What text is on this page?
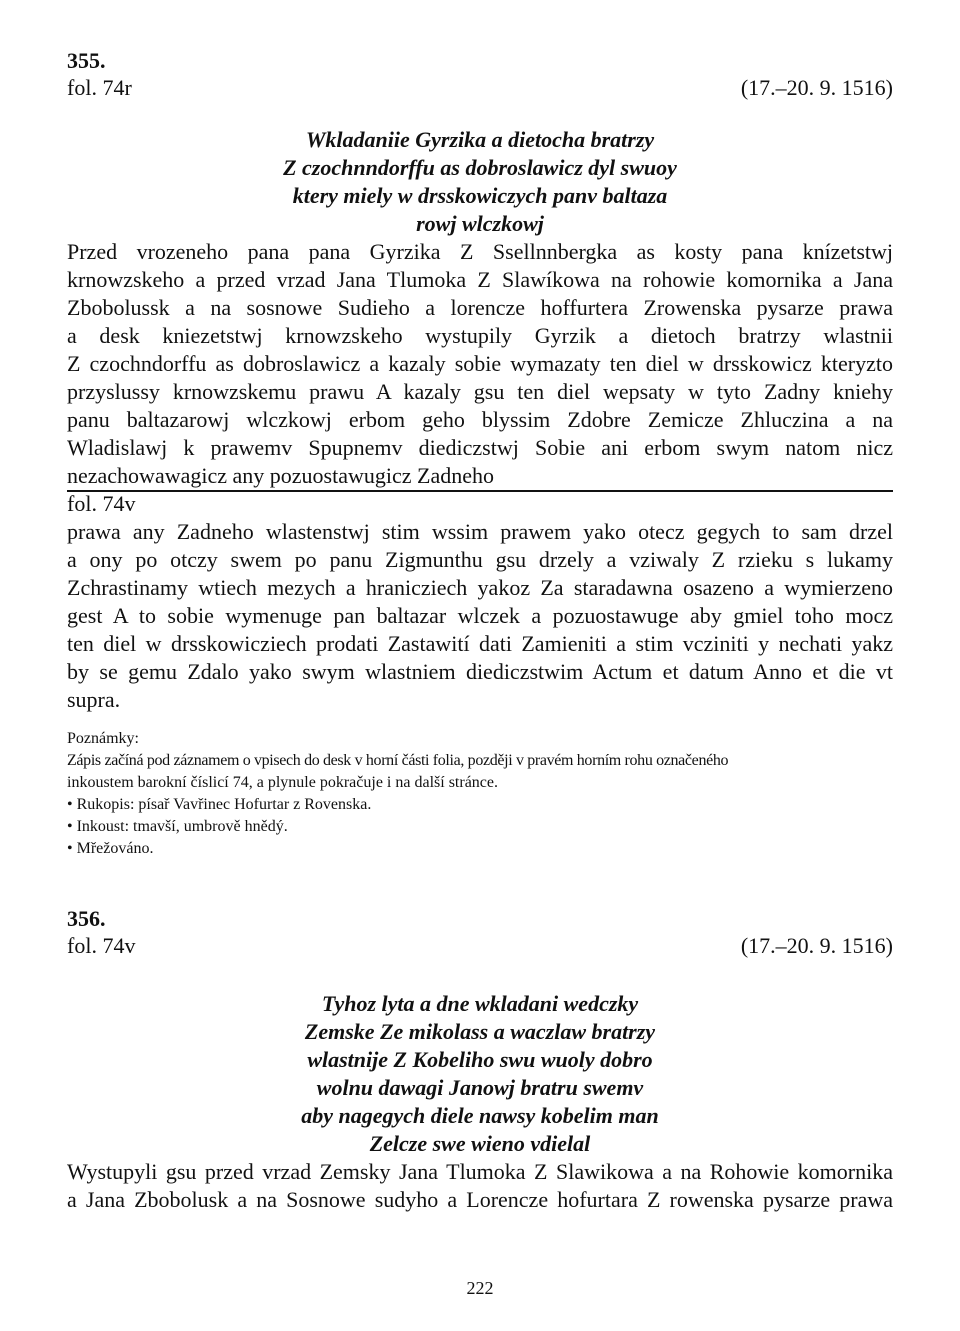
355.
fol. 74r	(17.–20. 9. 1516)
Wkladaniie Gyrzika a dietocha bratrzy
Z czochnndorffu as dobroslawicz dyl swuoy
ktery miely w drsskowiczych panv baltaza
rowj wlczkowj
Przed vrozeneho pana pana Gyrzika Z Ssellnnbergka as kosty pana knízetstwj
krnowzskeho a przed vrzad Jana Tlumoka Z Slawíkowa na rohowie komornika a Jana
Zbobolussk a na sosnowe Sudieho a lorencze hoffurtera Zrowenska pysarze prawa
a desk kniezetstwj krnowzskeho wystupily Gyrzik a dietoch bratrzy wlastnii
Z czochndorffu as dobroslawicz a kazaly sobie wymazaty ten diel w drsskowicz kteryzto
przyslussy krnowzskemu prawu A kazaly gsu ten diel wepsaty w tyto Zadny kniehy
panu baltazarowj wlczkowj erbom geho blyssim Zdobre Zemicze Zhluczina a na
Wladislawj k prawemv Spupnemv diediczstwj Sobie ani erbom swym natom nicz
nezachowawagicz any pozuostawugicz Zadneho
fol. 74v
prawa any Zadneho wlastenstwj stim wssim prawem yako otecz gegych to sam drzel
a ony po otczy swem po panu Zigmunthu gsu drzely a vziwaly Z rzieku s lukamy
Zchrastinamy wtiech mezych a hranicziech yakoz Za staradawna osazeno a wymierzeno
gest A to sobie wymenuge pan baltazar wlczek a pozuostawuge aby gmiel toho mocz
ten diel w drsskowicziech prodati Zastawití dati Zamieniti a stim vcziniti y nechati yakz
by se gemu Zdalo yako swym wlastniem diediczstwim Actum et datum Anno et die vt
supra.
Poznámky:
Zápis začíná pod záznamem o vpisech do desk v horní části folia, později v pravém horním rohu označeného
inkoustem barokní číslicí 74, a plynule pokračuje i na další stránce.
• Rukopis: písař Vavřinec Hofurtar z Rovenska.
• Inkoust: tmavší, umbrově hnědý.
• Mřežováno.
356.
fol. 74v	(17.–20. 9. 1516)
Tyhoz lyta a dne wkladani wedczky
Zemske Ze mikolass a waczlaw bratrzy
wlastnije Z Kobeliho swu wuoly dobro
wolnu dawagi Janowj bratru swemv
aby nagegych diele nawsy kobelim man
Zelcze swe wieno vdielal
Wystupyli gsu przed vrzad Zemsky Jana Tlumoka Z Slawikowa a na Rohowie komornika
a Jana Zbobolusk a na Sosnowe sudyho a Lorencze hofurtara Z rowenska pysarze prawa
222
